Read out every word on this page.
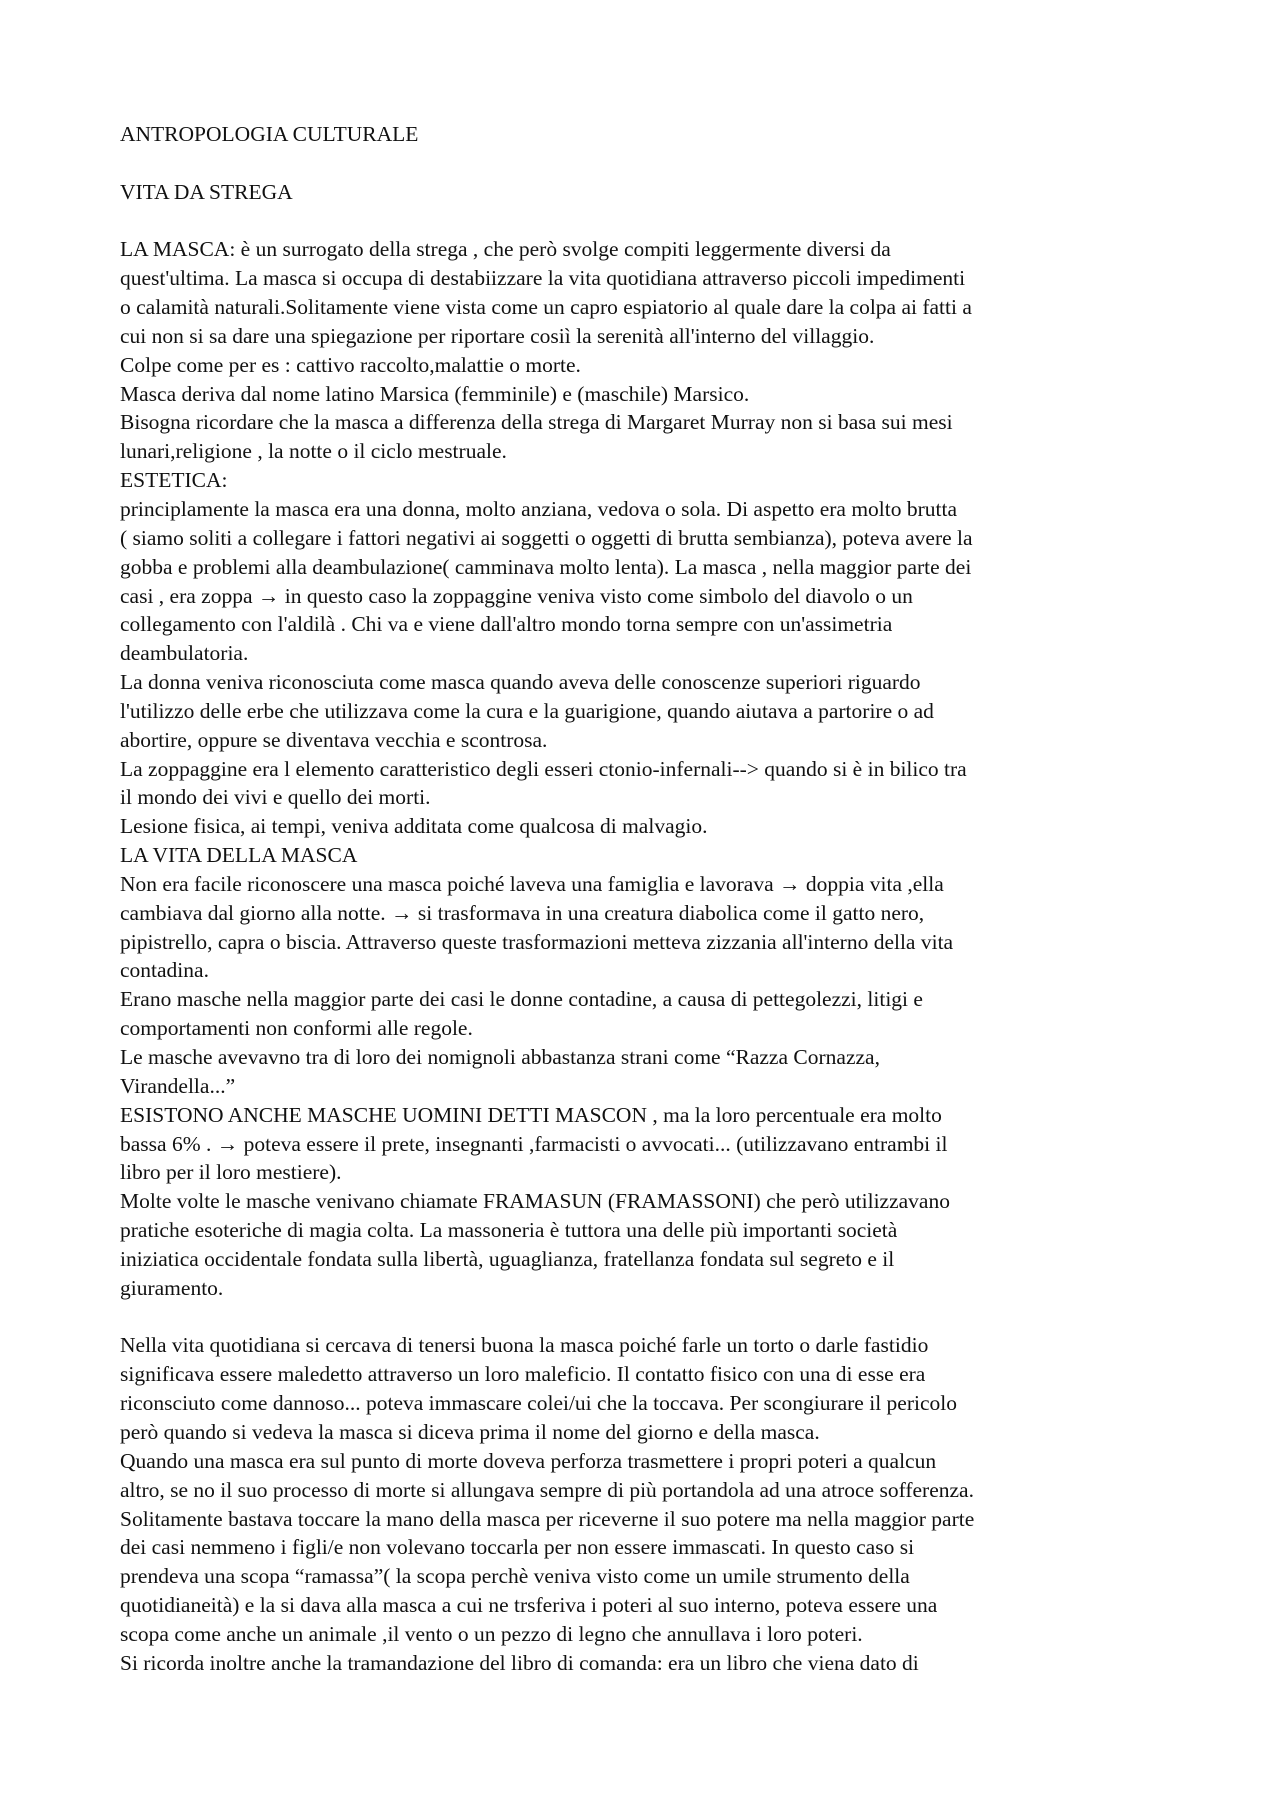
ANTROPOLOGIA CULTURALE
VITA DA STREGA
LA MASCA: è un surrogato della strega , che però svolge compiti leggermente diversi da
quest'ultima. La masca si occupa di destabiizzare la vita quotidiana attraverso piccoli impedimenti
o calamità naturali.Solitamente viene vista come un capro espiatorio al quale dare la colpa ai fatti a
cui non si sa dare una spiegazione per riportare cosiì la serenità all'interno del villaggio.
Colpe come per es : cattivo raccolto,malattie o morte.
Masca deriva dal nome latino Marsica (femminile) e (maschile) Marsico.
Bisogna ricordare che la masca a differenza della strega di Margaret Murray non si basa sui mesi
lunari,religione , la notte o il ciclo mestruale.
ESTETICA:
principlamente la masca era una donna, molto anziana, vedova o sola. Di aspetto era molto brutta
( siamo soliti a collegare i fattori negativi ai soggetti o oggetti di brutta sembianza), poteva avere la
gobba e problemi alla deambulazione( camminava molto lenta). La masca , nella maggior parte dei
casi , era zoppa → in questo caso la zoppaggine veniva visto come simbolo del diavolo o un
collegamento con l'aldilà . Chi va e viene dall'altro mondo torna sempre con un'assimetria
deambulatoria.
La donna veniva riconosciuta come masca quando aveva delle conoscenze superiori riguardo
l'utilizzo delle erbe che utilizzava come la cura e la guarigione, quando aiutava a partorire o ad
abortire, oppure se diventava vecchia e scontrosa.
La zoppaggine era l elemento caratteristico degli esseri ctonio-infernali--> quando si è in bilico tra
il mondo dei vivi e quello dei morti.
Lesione fisica, ai tempi, veniva additata come qualcosa di malvagio.
LA VITA DELLA MASCA
Non era facile riconoscere una masca poiché laveva una famiglia e lavorava → doppia vita ,ella
cambiava dal giorno alla notte. → si trasformava in una creatura diabolica come il gatto nero,
pipistrello, capra o biscia. Attraverso queste trasformazioni metteva zizzania all'interno della vita
contadina.
Erano masche nella maggior parte dei casi le donne contadine, a causa di pettegolezzi, litigi e
comportamenti non conformi alle regole.
Le masche avevavno tra di loro dei nomignoli abbastanza strani come “Razza Cornazza,
Virandella...”
ESISTONO ANCHE MASCHE UOMINI DETTI MASCON , ma la loro percentuale era molto
bassa 6% . → poteva essere il prete, insegnanti ,farmacisti o avvocati... (utilizzavano entrambi il
libro per il loro mestiere).
Molte volte le masche venivano chiamate FRAMASUN (FRAMASSONI) che però utilizzavano
pratiche esoteriche di magia colta. La massoneria è tuttora una delle più importanti società
iniziatica occidentale fondata sulla libertà, uguaglianza, fratellanza fondata sul segreto e il
giuramento.
Nella vita quotidiana si cercava di tenersi buona la masca poiché farle un torto o darle fastidio
significava essere maledetto attraverso un loro maleficio. Il contatto fisico con una di esse era
riconsciuto come dannoso... poteva immascare colei/ui che la toccava. Per scongiurare il pericolo
però quando si vedeva la masca si diceva prima il nome del giorno e della masca.
Quando una masca era sul punto di morte doveva perforza trasmettere i propri poteri a qualcun
altro, se no il suo processo di morte si allungava sempre di più portandola ad una atroce sofferenza.
Solitamente bastava toccare la mano della masca per riceverne il suo potere ma nella maggior parte
dei casi nemmeno i figli/e non volevano toccarla per non essere immascati. In questo caso si
prendeva una scopa “ramassa”( la scopa perchè veniva visto come un umile strumento della
quotidianeità) e la si dava alla masca a cui ne trsferiva i poteri al suo interno, poteva essere una
scopa come anche un animale ,il vento o un pezzo di legno che annullava i loro poteri.
Si ricorda inoltre anche la tramandazione del libro di comanda: era un libro che viena dato di
